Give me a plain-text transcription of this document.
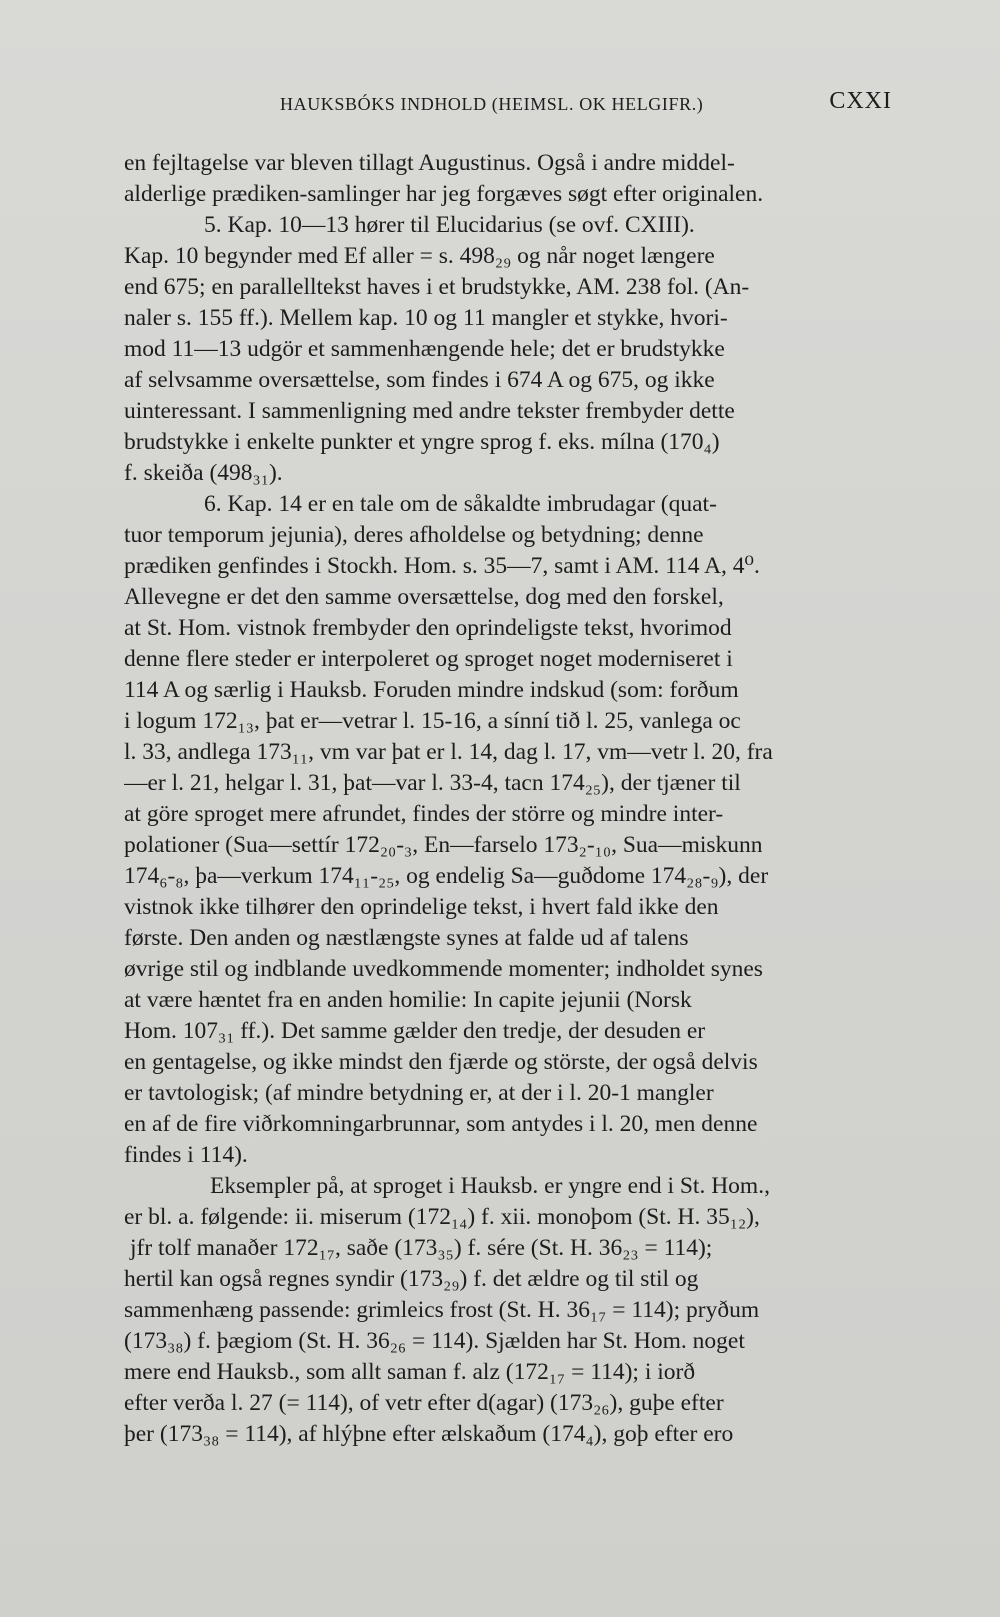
HAUKSBÓKS INDHOLD (HEIMSL. OK HELGIFR.)	CXXI
en fejltagelse var bleven tillagt Augustinus. Også i andre middel-
alderlige prædiken-samlinger har jeg forgæves søgt efter originalen.
5. Kap. 10—13 hører til Elucidarius (se ovf. CXIII).
Kap. 10 begynder med Ef aller = s. 498₂₉ og når noget længere
end 675; en parallelltekst haves i et brudstykke, AM. 238 fol. (An-
naler s. 155 ff.). Mellem kap. 10 og 11 mangler et stykke, hvori-
mod 11—13 udgör et sammenhængende hele; det er brudstykke
af selvsamme oversættelse, som findes i 674 A og 675, og ikke
uinteressant. I sammenligning med andre tekster frembyder dette
brudstykke i enkelte punkter et yngre sprog f. eks. mílna (170₄)
f. skeiða (498₃₁).
6. Kap. 14 er en tale om de såkaldte imbrudagar (quat-
tuor temporum jejunia), deres afholdelse og betydning; denne
prædiken genfindes i Stockh. Hom. s. 35—7, samt i AM. 114 A, 4⁰.
Allevegne er det den samme oversættelse, dog med den forskel,
at St. Hom. vistnok frembyder den oprindeligste tekst, hvorimod
denne flere steder er interpoleret og sproget noget moderniseret i
114 A og særlig i Hauksb. Foruden mindre indskud (som: forðum
i logum 172₁₃, þat er—vetrar l. 15-16, a sínní tið l. 25, vanlega oc
l. 33, andlega 173₁₁, vm var þat er l. 14, dag l. 17, vm—vetr l. 20, fra
—er l. 21, helgar l. 31, þat—var l. 33-4, tacn 174₂₅), der tjæner til
at göre sproget mere afrundet, findes der större og mindre inter-
polationer (Sua—settír 172₂₀-₃, En—farselo 173₂-₁₀, Sua—miskunn
174₆-₈, þa—verkum 174₁₁-₂₅, og endelig Sa—guðdome 174₂₈-₉), der
vistnok ikke tilhører den oprindelige tekst, i hvert fald ikke den
første. Den anden og næstlængste synes at falde ud af talens
øvrige stil og indblande uvedkommende momenter; indholdet synes
at være hæntet fra en anden homilie: In capite jejunii (Norsk
Hom. 107₃₁ ff.). Det samme gælder den tredje, der desuden er
en gentagelse, og ikke mindst den fjærde og störste, der også delvis
er tavtologisk; (af mindre betydning er, at der i l. 20-1 mangler
en af de fire viðrkomningarbrunnar, som antydes i l. 20, men denne
findes i 114).
Eksempler på, at sproget i Hauksb. er yngre end i St. Hom.,
er bl. a. følgende: ii. miserum (172₁₄) f. xii. monoþom (St. H. 35₁₂),
jfr tolf manaðer 172₁₇, saðe (173₃₅) f. sére (St. H. 36₂₃ = 114);
hertil kan også regnes syndir (173₂₉) f. det ældre og til stil og
sammenhæng passende: grimleics frost (St. H. 36₁₇ = 114); pryðum
(173₃₈) f. þægiom (St. H. 36₂₆ = 114). Sjælden har St. Hom. noget
mere end Hauksb., som allt saman f. alz (172₁₇ = 114); i iorð
efter verða l. 27 (= 114), of vetr efter d(agar) (173₂₆), guþe efter
þer (173₃₈ = 114), af hlýþne efter ælskaðum (174₄), goþ efter ero
